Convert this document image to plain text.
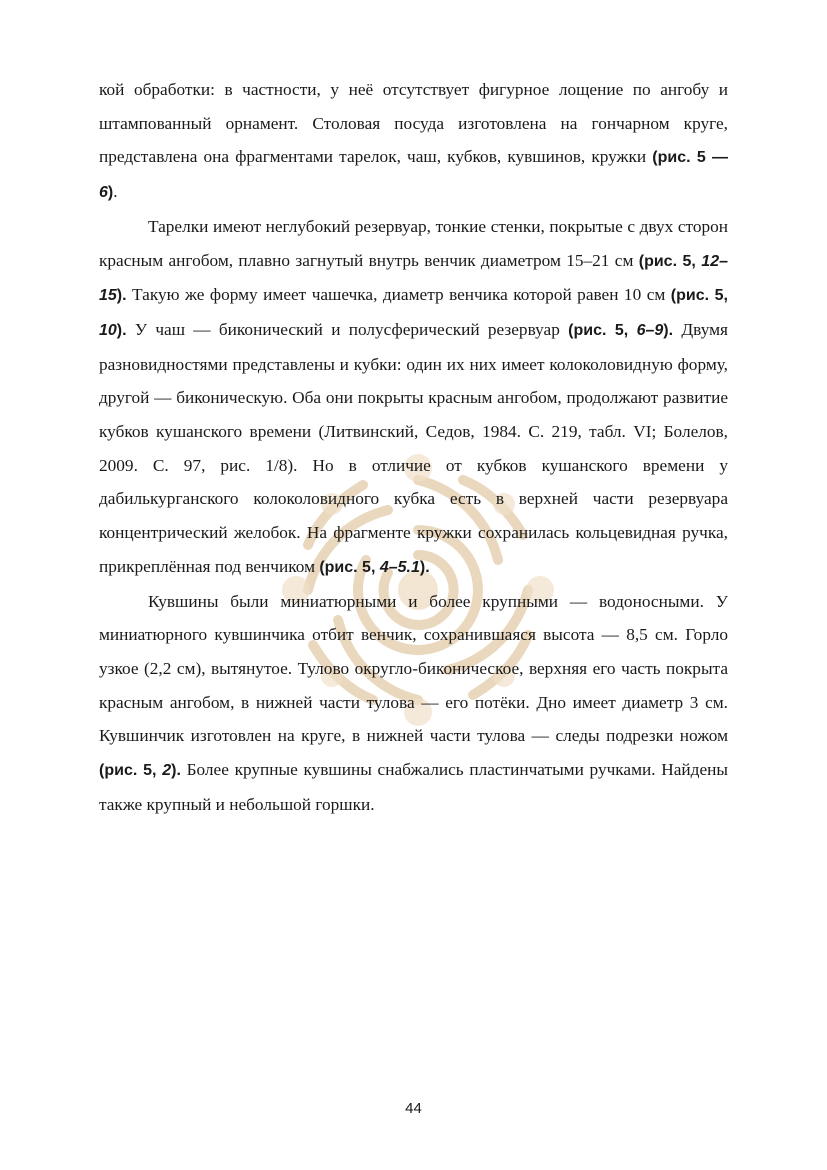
кой обработки: в частности, у неё отсутствует фигурное лощение по ангобу и штампованный орнамент. Столовая посуда изготовлена на гончарном круге, представлена она фрагментами тарелок, чаш, кубков, кувшинов, кружки (рис. 5 — 6).

Тарелки имеют неглубокий резервуар, тонкие стенки, покрытые с двух сторон красным ангобом, плавно загнутый внутрь венчик диаметром 15–21 см (рис. 5, 12–15). Такую же форму имеет чашечка, диаметр венчика которой равен 10 см (рис. 5, 10). У чаш — биконический и полусферический резервуар (рис. 5, 6–9). Двумя разновидностями представлены и кубки: один их них имеет колоколовидную форму, другой — биконическую. Оба они покрыты красным ангобом, продолжают развитие кубков кушанского времени (Литвинский, Седов, 1984. С. 219, табл. VI; Болелов, 2009. С. 97, рис. 1/8). Но в отличие от кубков кушанского времени у дабилькурганского колоколовидного кубка есть в верхней части резервуара концентрический желобок. На фрагменте кружки сохранилась кольцевидная ручка, прикреплённая под венчиком (рис. 5, 4–5.1).

Кувшины были миниатюрными и более крупными — водоносными. У миниатюрного кувшинчика отбит венчик, сохранившаяся высота — 8,5 см. Горло узкое (2,2 см), вытянутое. Тулово округло-биконическое, верхняя его часть покрыта красным ангобом, в нижней части тулова — его потёки. Дно имеет диаметр 3 см. Кувшинчик изготовлен на круге, в нижней части тулова — следы подрезки ножом (рис. 5, 2). Более крупные кувшины снабжались пластинчатыми ручками. Найдены также крупный и небольшой горшки.

44
